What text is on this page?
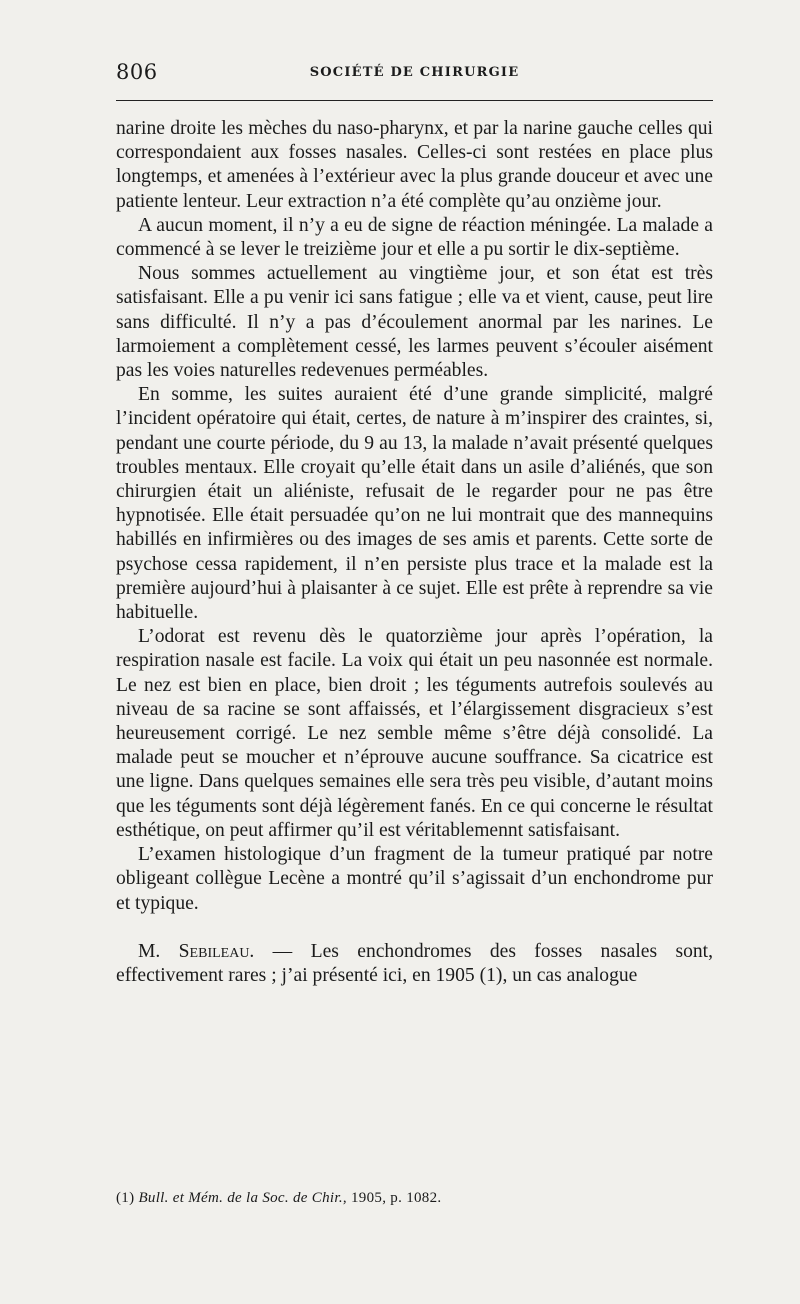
806	SOCIÉTÉ DE CHIRURGIE

narine droite les mèches du naso-pharynx, et par la narine gauche celles qui correspondaient aux fosses nasales. Celles-ci sont restées en place plus longtemps, et amenées à l’extérieur avec la plus grande douceur et avec une patiente lenteur. Leur extraction n’a été complète qu’au onzième jour.

A aucun moment, il n’y a eu de signe de réaction méningée. La malade a commencé à se lever le treizième jour et elle a pu sortir le dix-septième.

Nous sommes actuellement au vingtième jour, et son état est très satisfaisant. Elle a pu venir ici sans fatigue ; elle va et vient, cause, peut lire sans difficulté. Il n’y a pas d’écoulement anormal par les narines. Le larmoiement a complètement cessé, les larmes peuvent s’écouler aisément pas les voies naturelles redevenues perméables.

En somme, les suites auraient été d’une grande simplicité, malgré l’incident opératoire qui était, certes, de nature à m’inspirer des craintes, si, pendant une courte période, du 9 au 13, la malade n’avait présenté quelques troubles mentaux. Elle croyait qu’elle était dans un asile d’aliénés, que son chirurgien était un aliéniste, refusait de le regarder pour ne pas être hypnotisée. Elle était persuadée qu’on ne lui montrait que des mannequins habillés en infirmières ou des images de ses amis et parents. Cette sorte de psychose cessa rapidement, il n’en persiste plus trace et la malade est la première aujourd’hui à plaisanter à ce sujet. Elle est prête à reprendre sa vie habituelle.

L’odorat est revenu dès le quatorzième jour après l’opération, la respiration nasale est facile. La voix qui était un peu nasonnée est normale. Le nez est bien en place, bien droit ; les téguments autrefois soulevés au niveau de sa racine se sont affaissés, et l’élargissement disgracieux s’est heureusement corrigé. Le nez semble même s’être déjà consolidé. La malade peut se moucher et n’éprouve aucune souffrance. Sa cicatrice est une ligne. Dans quelques semaines elle sera très peu visible, d’autant moins que les téguments sont déjà légèrement fanés. En ce qui concerne le résultat esthétique, on peut affirmer qu’il est véritablemennt satisfaisant.

L’examen histologique d’un fragment de la tumeur pratiqué par notre obligeant collègue Lecène a montré qu’il s’agissait d’un enchondrome pur et typique.

M. Sebileau. — Les enchondromes des fosses nasales sont, effectivement rares ; j’ai présenté ici, en 1905 (1), un cas analogue

(1) Bull. et Mém. de la Soc. de Chir., 1905, p. 1082.
